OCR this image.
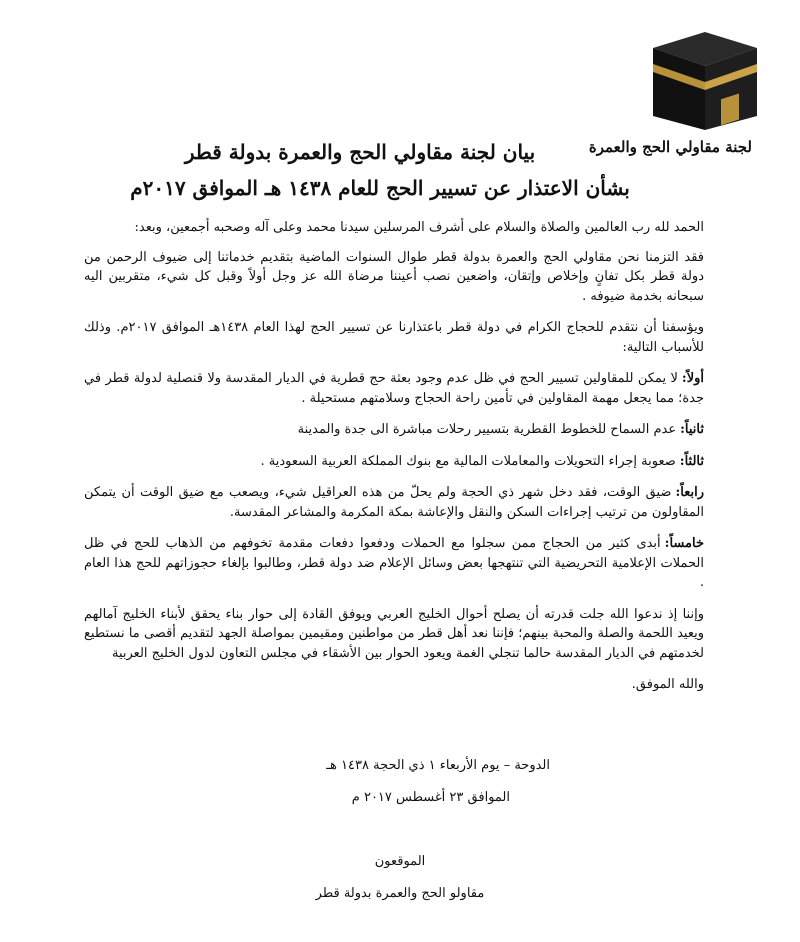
لجنة مقاولي الحج والعمرة
بيان لجنة مقاولي الحج والعمرة بدولة قطر
بشأن الاعتذار عن تسيير الحج للعام ١٤٣٨ هـ الموافق ٢٠١٧م

الحمد لله رب العالمين والصلاة والسلام على أشرف المرسلين سيدنا محمد وعلى آله وصحبه أجمعين، وبعد:

فقد التزمنا نحن مقاولي الحج والعمرة بدولة قطر طوال السنوات الماضية بتقديم خدماتنا إلى ضيوف الرحمن من دولة قطر بكل تفانٍ وإخلاص وإتقان، واضعين نصب أعيننا مرضاة الله عز وجل أولاً وقبل كل شيء، متقربين اليه سبحانه بخدمة ضيوفه .

ويؤسفنا أن نتقدم للحجاج الكرام في دولة قطر باعتذارنا عن تسيير الحج لهذا العام ١٤٣٨هـ الموافق ٢٠١٧م. وذلك للأسباب التالية:

أولاً:لا يمكن للمقاولين تسيير الحج في ظل عدم وجود بعثة حج قطرية في الديار المقدسة ولا قنصلية لدولة قطر في جدة؛ مما يجعل مهمة المقاولين في تأمين راحة الحجاج وسلامتهم مستحيلة .

ثانياً:عدم السماح للخطوط القطرية بتسيير رحلات مباشرة الى جدة والمدينة

ثالثاً:صعوبة إجراء التحويلات والمعاملات المالية مع بنوك المملكة العربية السعودية .

رابعاً:ضيق الوقت، فقد دخل شهر ذي الحجة ولم يحلّ من هذه العراقيل شيء، ويصعب مع ضيق الوقت أن يتمكن المقاولون من ترتيب إجراءات السكن والنقل والإعاشة بمكة المكرمة والمشاعر المقدسة.

خامساً:أبدى كثير من الحجاج ممن سجلوا مع الحملات ودفعوا دفعات مقدمة تخوفهم من الذهاب للحج في ظل الحملات الإعلامية التحريضية التي تنتهجها بعض وسائل الإعلام ضد دولة قطر، وطالبوا بإلغاء حجوزاتهم للحج هذا العام .

وإننا إذ ندعوا الله جلت قدرته أن يصلح أحوال الخليج العربي ويوفق القادة إلى حوار بناء يحقق لأبناء الخليج آمالهم ويعيد اللحمة والصلة والمحبة بينهم؛ فإننا نعد أهل قطر من مواطنين ومقيمين بمواصلة الجهد لتقديم أقصى ما نستطيع لخدمتهم في الديار المقدسة حالما تنجلي الغمة ويعود الحوار بين الأشقاء في مجلس التعاون لدول الخليج العربية

والله الموفق.

الدوحة – يوم الأربعاء ١ ذي الحجة ١٤٣٨ هـ
الموافق ٢٣ أغسطس ٢٠١٧ م
الموقعون
مقاولو الحج والعمرة بدولة قطر
